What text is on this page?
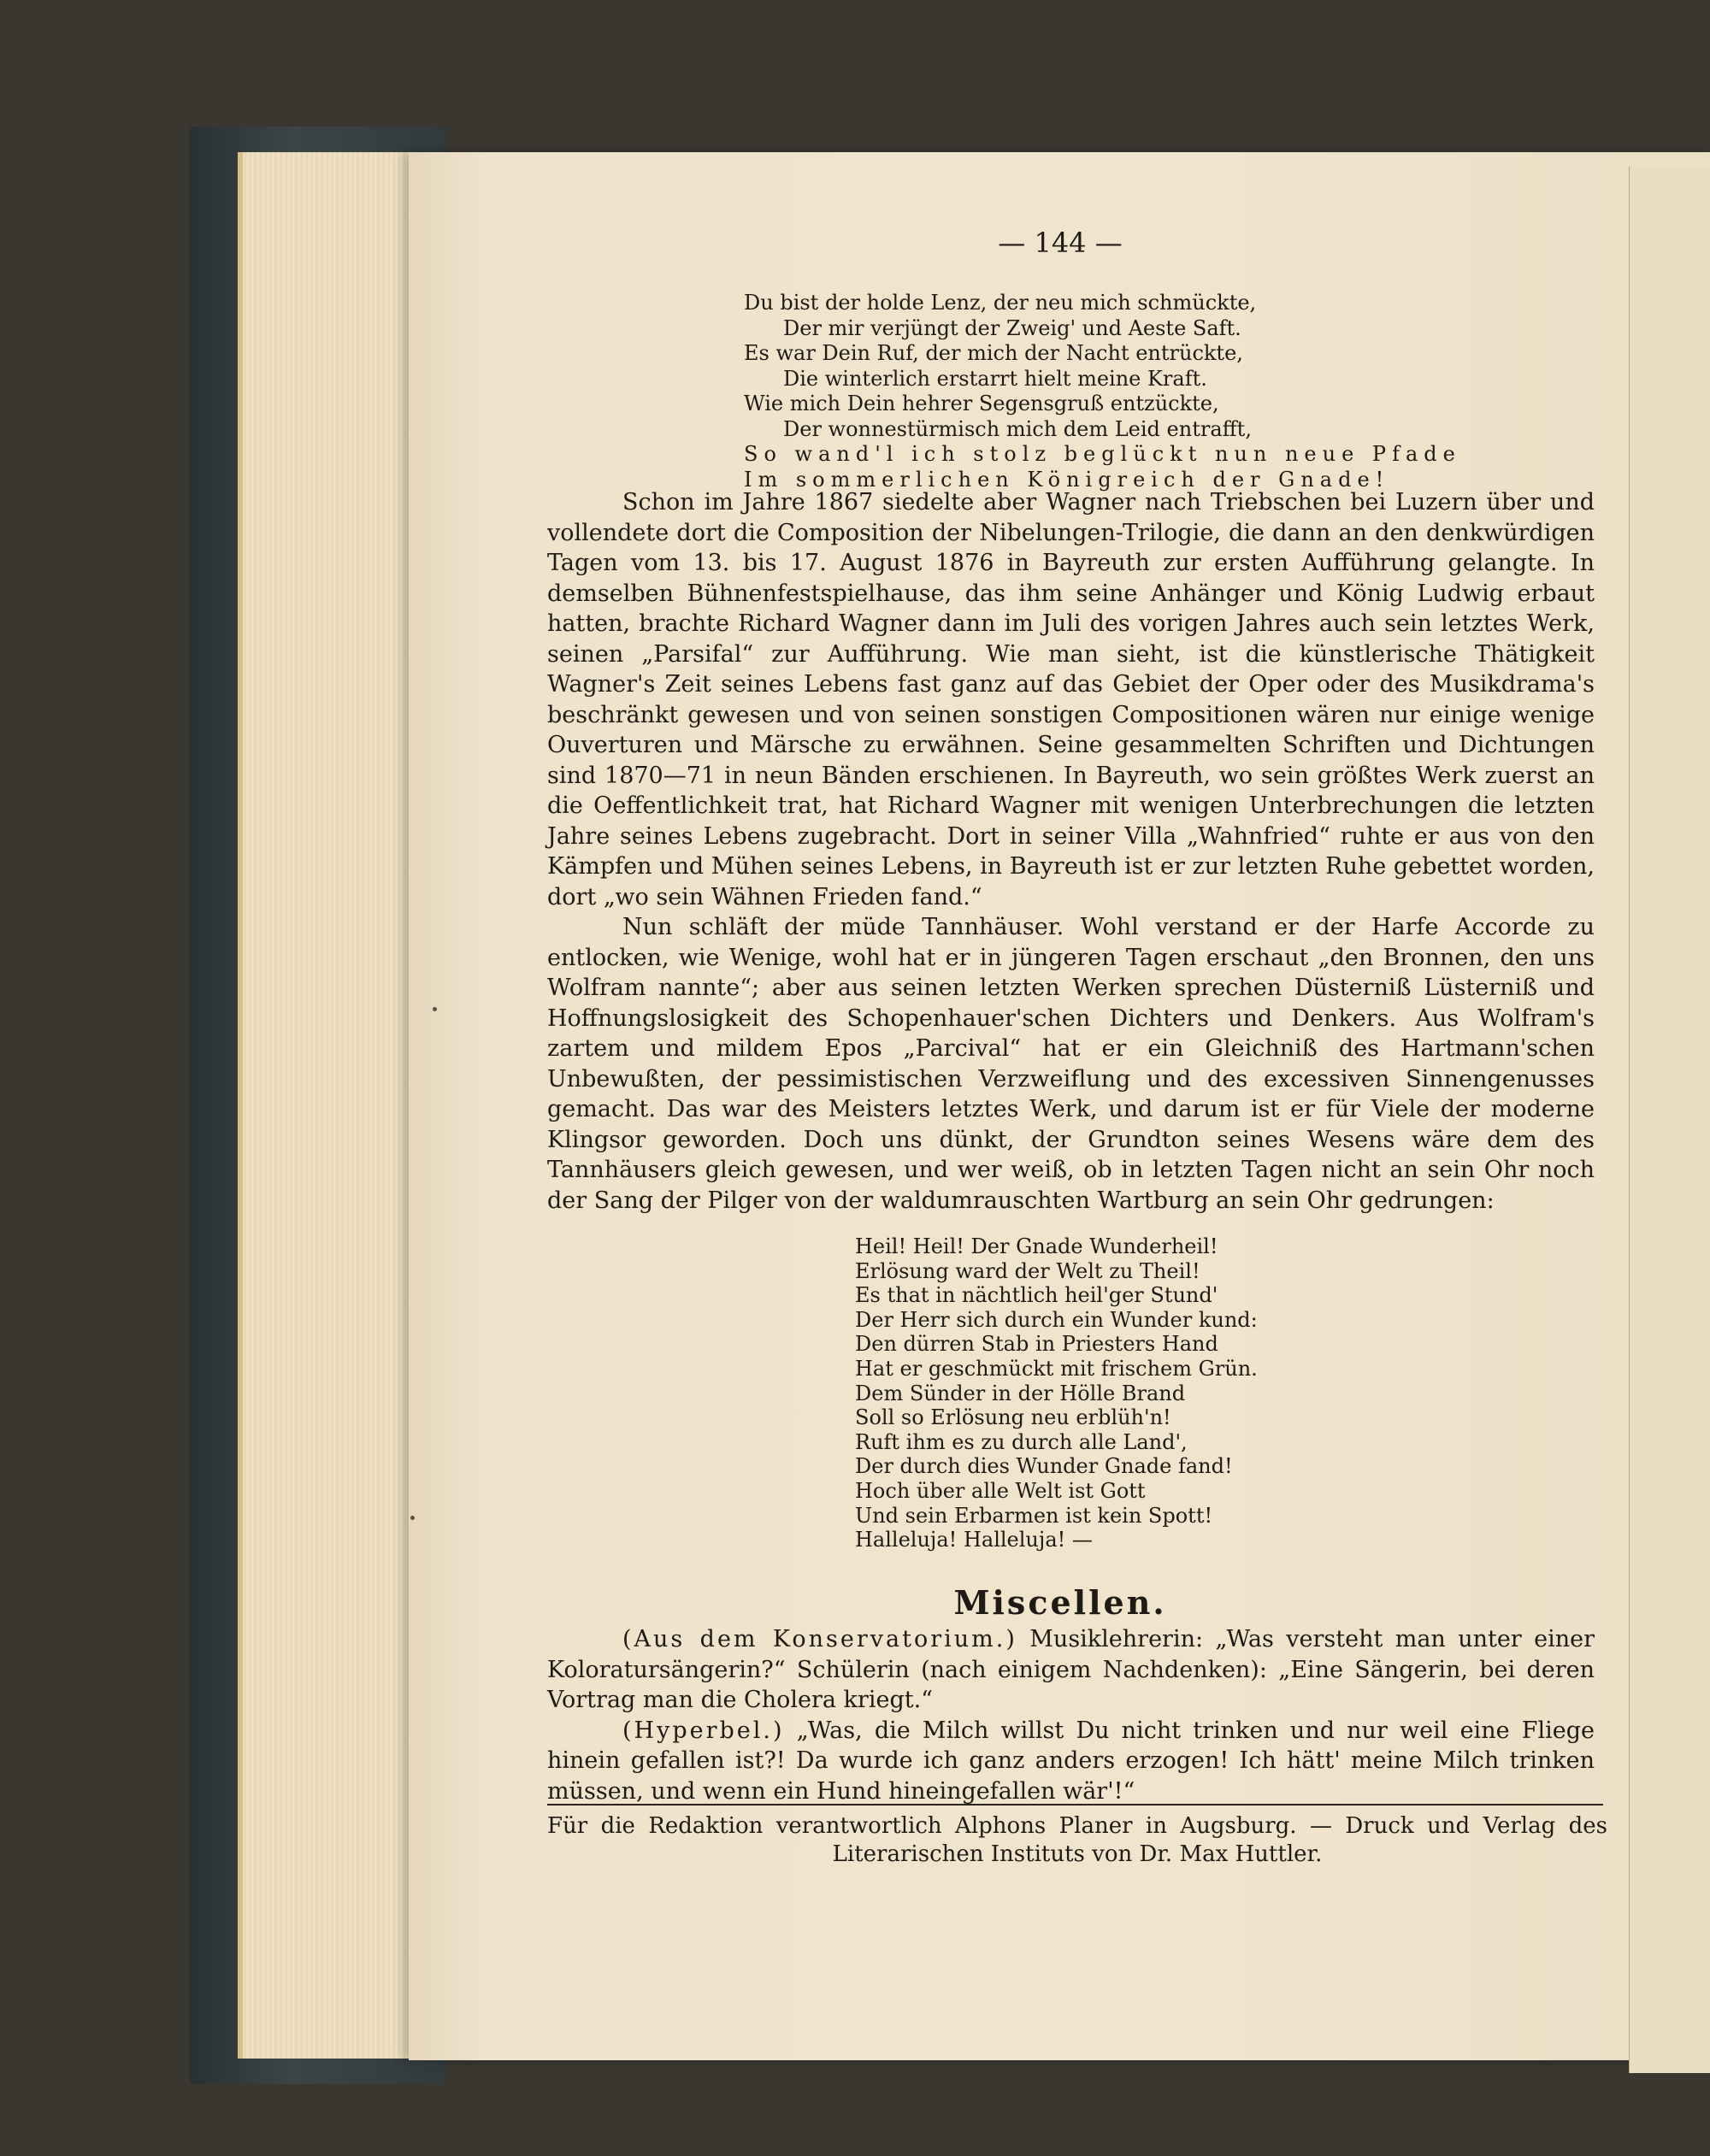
— 144 —
Du bist der holde Lenz, der neu mich schmückte,
Der mir verjüngt der Zweig' und Aeste Saft.
Es war Dein Ruf, der mich der Nacht entrückte,
Die winterlich erstarrt hielt meine Kraft.
Wie mich Dein hehrer Segensgruß entzückte,
Der wonnestürmisch mich dem Leid entrafft,
So wand'l ich stolz beglückt nun neue Pfade
Im sommerlichen Königreich der Gnade!

Schon im Jahre 1867 siedelte aber Wagner nach Triebschen bei Luzern über und vollendete dort die Composition der Nibelungen-Trilogie, die dann an den denkwürdigen Tagen vom 13. bis 17. August 1876 in Bayreuth zur ersten Aufführung gelangte. In demselben Bühnenfestspielhause, das ihm seine Anhänger und König Ludwig erbaut hatten, brachte Richard Wagner dann im Juli des vorigen Jahres auch sein letztes Werk, seinen „Parsifal“ zur Aufführung. Wie man sieht, ist die künstlerische Thätigkeit Wagner's Zeit seines Lebens fast ganz auf das Gebiet der Oper oder des Musikdrama's beschränkt gewesen und von seinen sonstigen Compositionen wären nur einige wenige Ouverturen und Märsche zu erwähnen. Seine gesammelten Schriften und Dichtungen sind 1870—71 in neun Bänden erschienen. In Bayreuth, wo sein größtes Werk zuerst an die Oeffentlichkeit trat, hat Richard Wagner mit wenigen Unterbrechungen die letzten Jahre seines Lebens zugebracht. Dort in seiner Villa „Wahnfried“ ruhte er aus von den Kämpfen und Mühen seines Lebens, in Bayreuth ist er zur letzten Ruhe gebettet worden, dort „wo sein Wähnen Frieden fand.“

Nun schläft der müde Tannhäuser. Wohl verstand er der Harfe Accorde zu entlocken, wie Wenige, wohl hat er in jüngeren Tagen erschaut „den Bronnen, den uns Wolfram nannte“; aber aus seinen letzten Werken sprechen Düsterniß Lüsterniß und Hoffnungslosigkeit des Schopenhauer'schen Dichters und Denkers. Aus Wolfram's zartem und mildem Epos „Parcival“ hat er ein Gleichniß des Hartmann'schen Unbewußten, der pessimistischen Verzweiflung und des excessiven Sinnengenusses gemacht. Das war des Meisters letztes Werk, und darum ist er für Viele der moderne Klingsor geworden. Doch uns dünkt, der Grundton seines Wesens wäre dem des Tannhäusers gleich gewesen, und wer weiß, ob in letzten Tagen nicht an sein Ohr noch der Sang der Pilger von der waldumrauschten Wartburg an sein Ohr gedrungen:

Heil! Heil! Der Gnade Wunderheil!
Erlösung ward der Welt zu Theil!
Es that in nächtlich heil'ger Stund'
Der Herr sich durch ein Wunder kund:
Den dürren Stab in Priesters Hand
Hat er geschmückt mit frischem Grün.
Dem Sünder in der Hölle Brand
Soll so Erlösung neu erblüh'n!
Ruft ihm es zu durch alle Land',
Der durch dies Wunder Gnade fand!
Hoch über alle Welt ist Gott
Und sein Erbarmen ist kein Spott!
Halleluja! Halleluja! —
Miscellen.

(Aus dem Konservatorium.) Musiklehrerin: „Was versteht man unter einer Koloratursängerin?“ Schülerin (nach einigem Nachdenken): „Eine Sängerin, bei deren Vortrag man die Cholera kriegt.“

(Hyperbel.) „Was, die Milch willst Du nicht trinken und nur weil eine Fliege hinein gefallen ist?! Da wurde ich ganz anders erzogen! Ich hätt' meine Milch trinken müssen, und wenn ein Hund hineingefallen wär'!“

Für die Redaktion verantwortlich Alphons Planer in Augsburg. — Druck und Verlag des
Literarischen Instituts von Dr. Max Huttler.
